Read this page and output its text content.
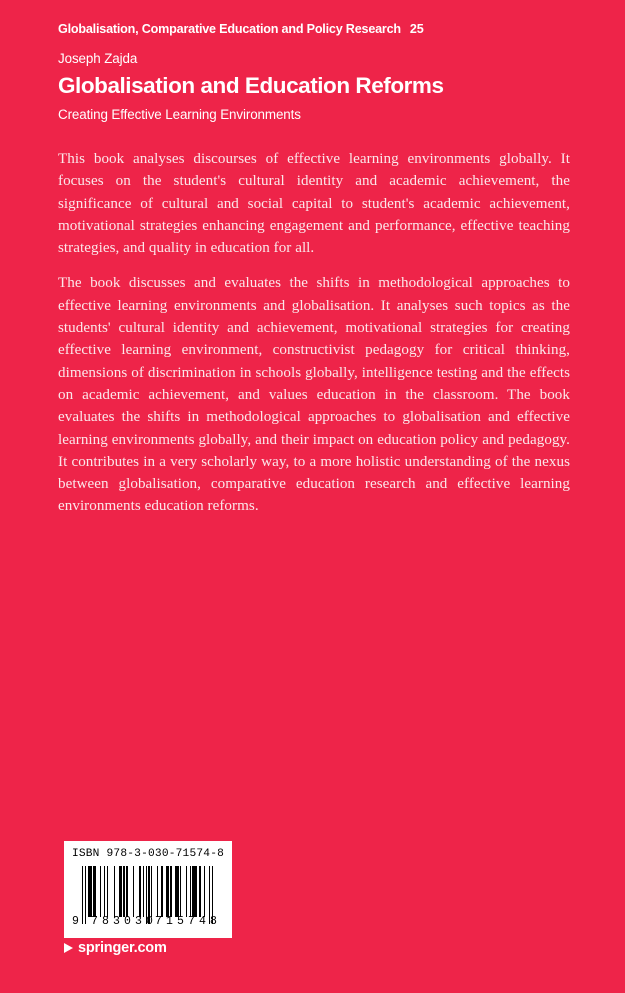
Globalisation, Comparative Education and Policy Research 25
Joseph Zajda
Globalisation and Education Reforms
Creating Effective Learning Environments

This book analyses discourses of effective learning environments globally. It focuses on the student's cultural identity and academic achievement, the significance of cultural and social capital to student's academic achievement, motivational strategies enhancing engagement and performance, effective teaching strategies, and quality in education for all.

The book discusses and evaluates the shifts in methodological approaches to effective learning environments and globalisation. It analyses such topics as the students' cultural identity and achievement, motivational strategies for creating effective learning environment, constructivist pedagogy for critical thinking, dimensions of discrimination in schools globally, intelligence testing and the effects on academic achievement, and values education in the classroom. The book evaluates the shifts in methodological approaches to globalisation and effective learning environments globally, and their impact on education policy and pedagogy. It contributes in a very scholarly way, to a more holistic understanding of the nexus between globalisation, comparative education research and effective learning environments education reforms.

ISBN 978-3-030-71574-8
9 783030
715748
springer.com
